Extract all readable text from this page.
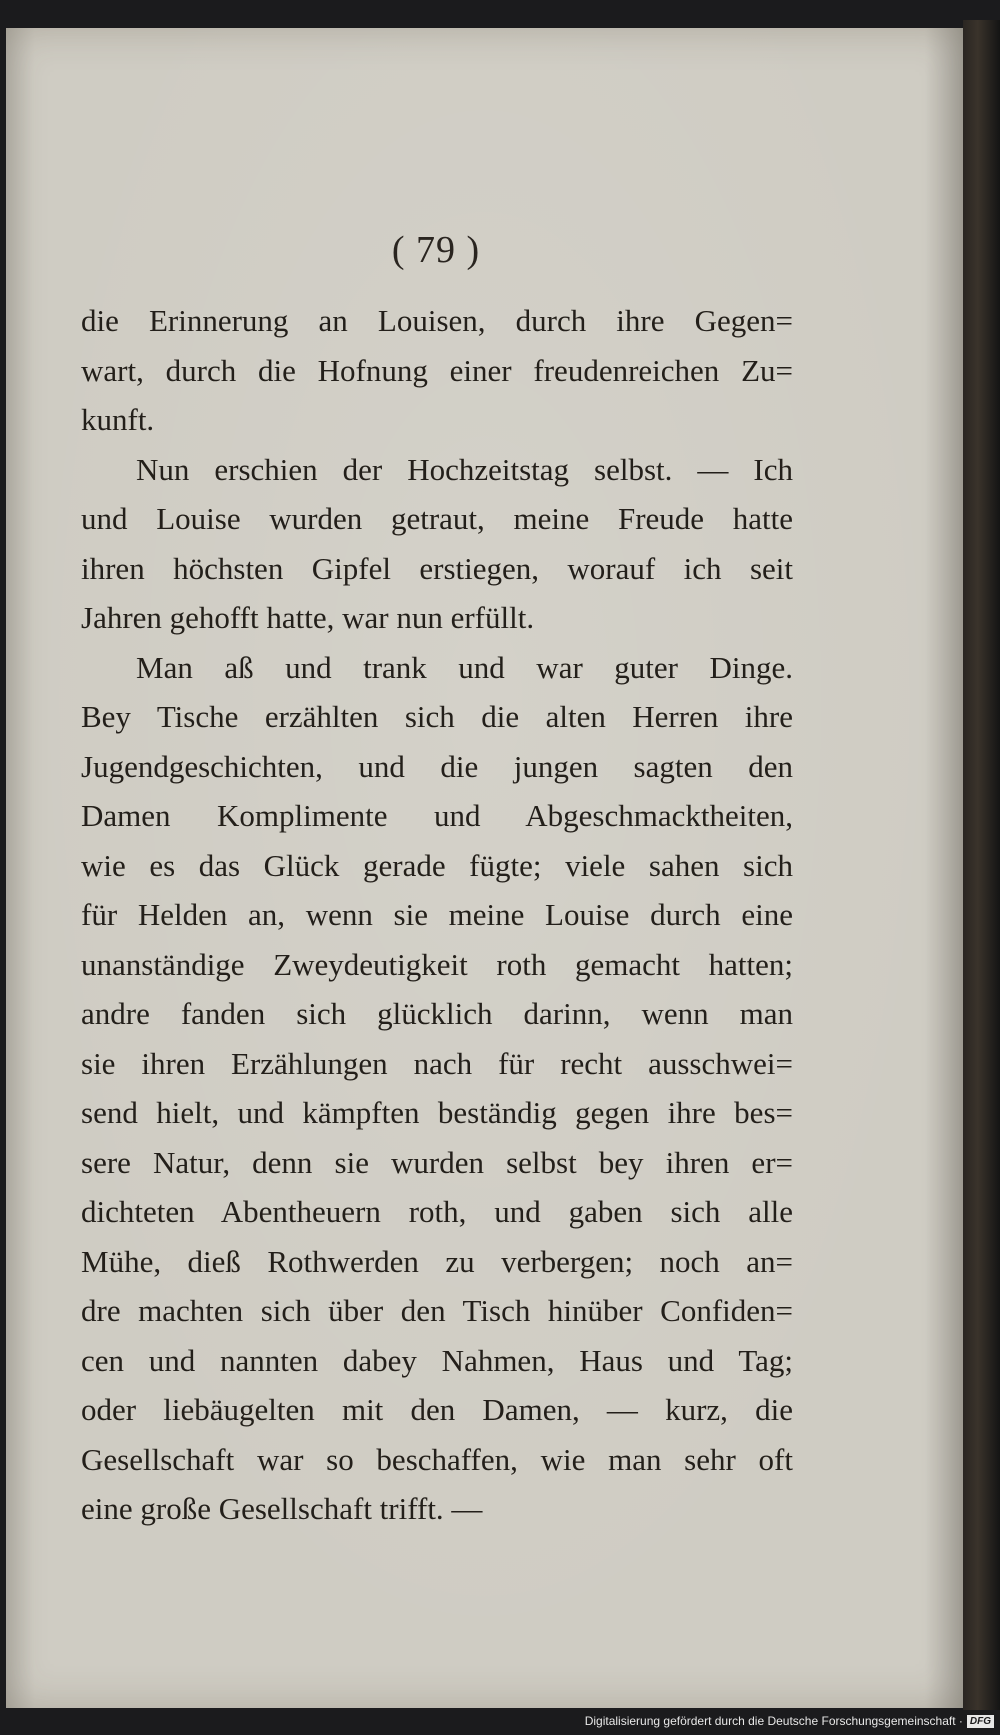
( 79 )
die Erinnerung an Louisen, durch ihre Gegen=
wart, durch die Hofnung einer freudenreichen Zu=
kunft.
Nun erschien der Hochzeitstag selbst. — Ich
und Louise wurden getraut, meine Freude hatte
ihren höchsten Gipfel erstiegen, worauf ich seit
Jahren gehofft hatte, war nun erfüllt.
Man aß und trank und war guter Dinge.
Bey Tische erzählten sich die alten Herren ihre
Jugendgeschichten, und die jungen sagten den
Damen Komplimente und Abgeschmacktheiten,
wie es das Glück gerade fügte; viele sahen sich
für Helden an, wenn sie meine Louise durch eine
unanständige Zweydeutigkeit roth gemacht hatten;
andre fanden sich glücklich darinn, wenn man
sie ihren Erzählungen nach für recht ausschwei=
send hielt, und kämpften beständig gegen ihre bes=
sere Natur, denn sie wurden selbst bey ihren er=
dichteten Abentheuern roth, und gaben sich alle
Mühe, dieß Rothwerden zu verbergen; noch an=
dre machten sich über den Tisch hinüber Confiden=
cen und nannten dabey Nahmen, Haus und Tag;
oder liebäugelten mit den Damen, — kurz, die
Gesellschaft war so beschaffen, wie man sehr oft
eine große Gesellschaft trifft. —
Digitalisierung gefördert durch die Deutsche Forschungsgemeinschaft · DFG
